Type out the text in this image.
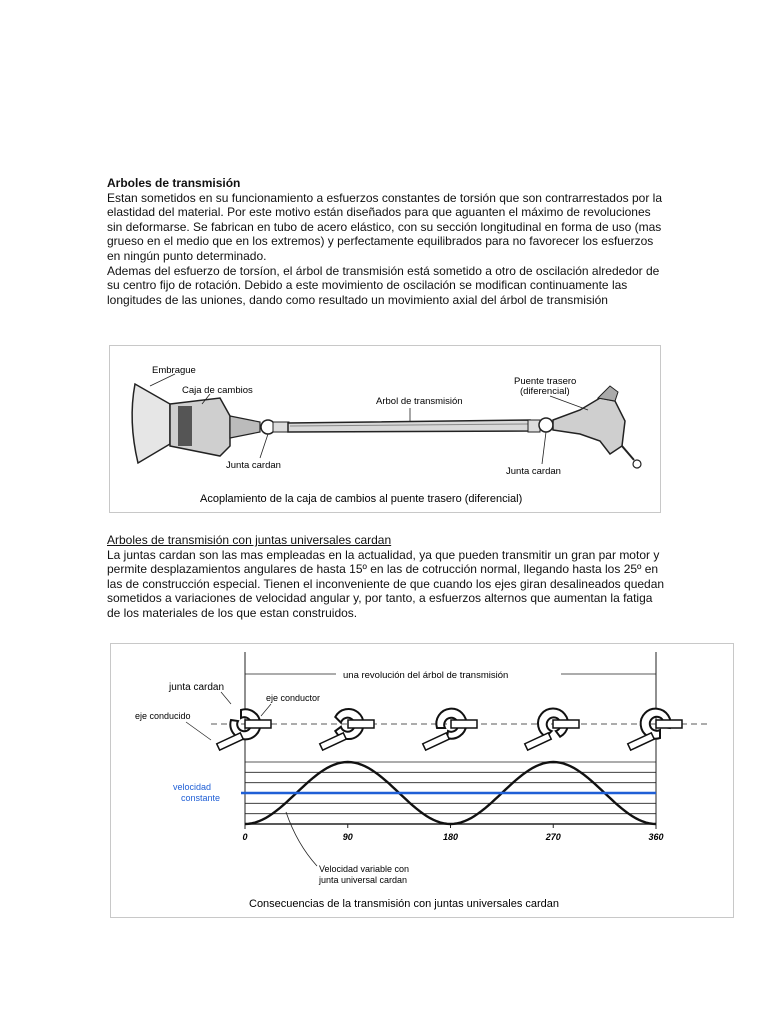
Arboles de transmisión

Estan sometidos en su funcionamiento a esfuerzos constantes de torsión que son contrarrestados por la elastidad del material. Por este motivo están diseñados para que aguanten el máximo de revoluciones sin deformarse. Se fabrican en tubo de acero elástico, con su sección longitudinal en forma de uso (mas grueso en el medio que en los extremos) y perfectamente equilibrados para no favorecer los esfuerzos en ningún punto determinado.

Ademas del esfuerzo de torsíon, el árbol de transmisión está sometido a otro de oscilación alrededor de su centro fijo de rotación. Debido a este movimiento de oscilación se modifican continuamente las longitudes de las uniones, dando como resultado un movimiento axial del árbol de transmisión

Embrague
Caja de cambios
Arbol de transmisión
Puente trasero
(diferencial)
Junta cardan
Junta cardan
Acoplamiento de la caja de cambios al puente trasero (diferencial)
Arboles de transmisión con juntas universales cardan

La juntas cardan son las mas empleadas en la actualidad, ya que pueden transmitir un gran par motor y permite desplazamientos angulares de hasta 15º en las de cotrucción normal, llegando hasta los 25º en las de construcción especial. Tienen el inconveniente de que cuando los ejes giran desalineados quedan sometidos a variaciones de velocidad angular y, por tanto, a esfuerzos alternos que aumentan la fatiga de los materiales de los que estan construidos.

una revolución del árbol de transmisión
junta cardan
eje conductor
eje conducido
0	90	180	270	360
velocidad
constante
Velocidad variable con
junta universal cardan
Consecuencias de la transmisión con juntas universales cardan
